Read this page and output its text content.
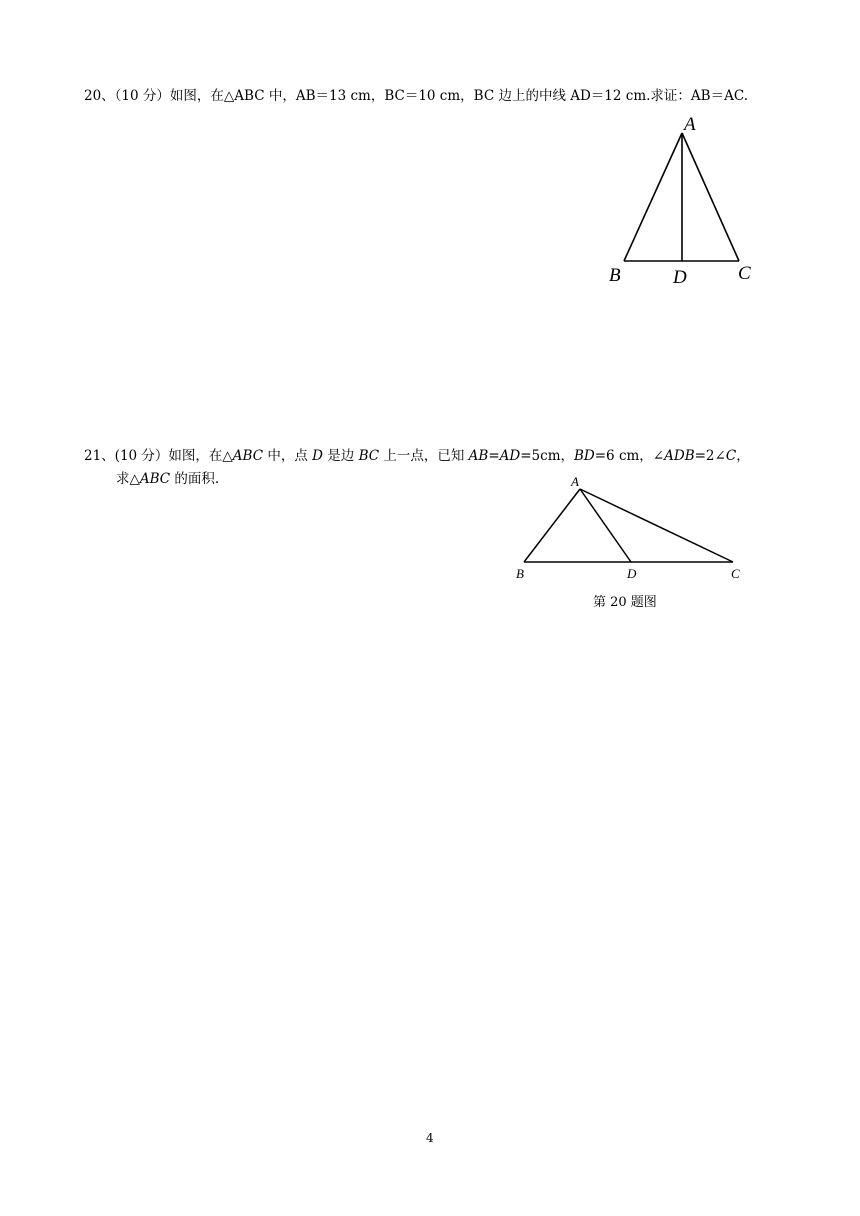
20、（10 分）如图，在△ABC 中，AB＝13 cm，BC＝10 cm，BC 边上的中线 AD＝12 cm.求证：AB＝AC.
A
B	D	C
21、(10 分）如图，在△ABC 中，点 D 是边 BC 上一点，已知 AB=AD=5cm，BD=6 cm，∠ADB=2∠C，
求△ABC 的面积.	A
B	D	C
第 20 题图
4
